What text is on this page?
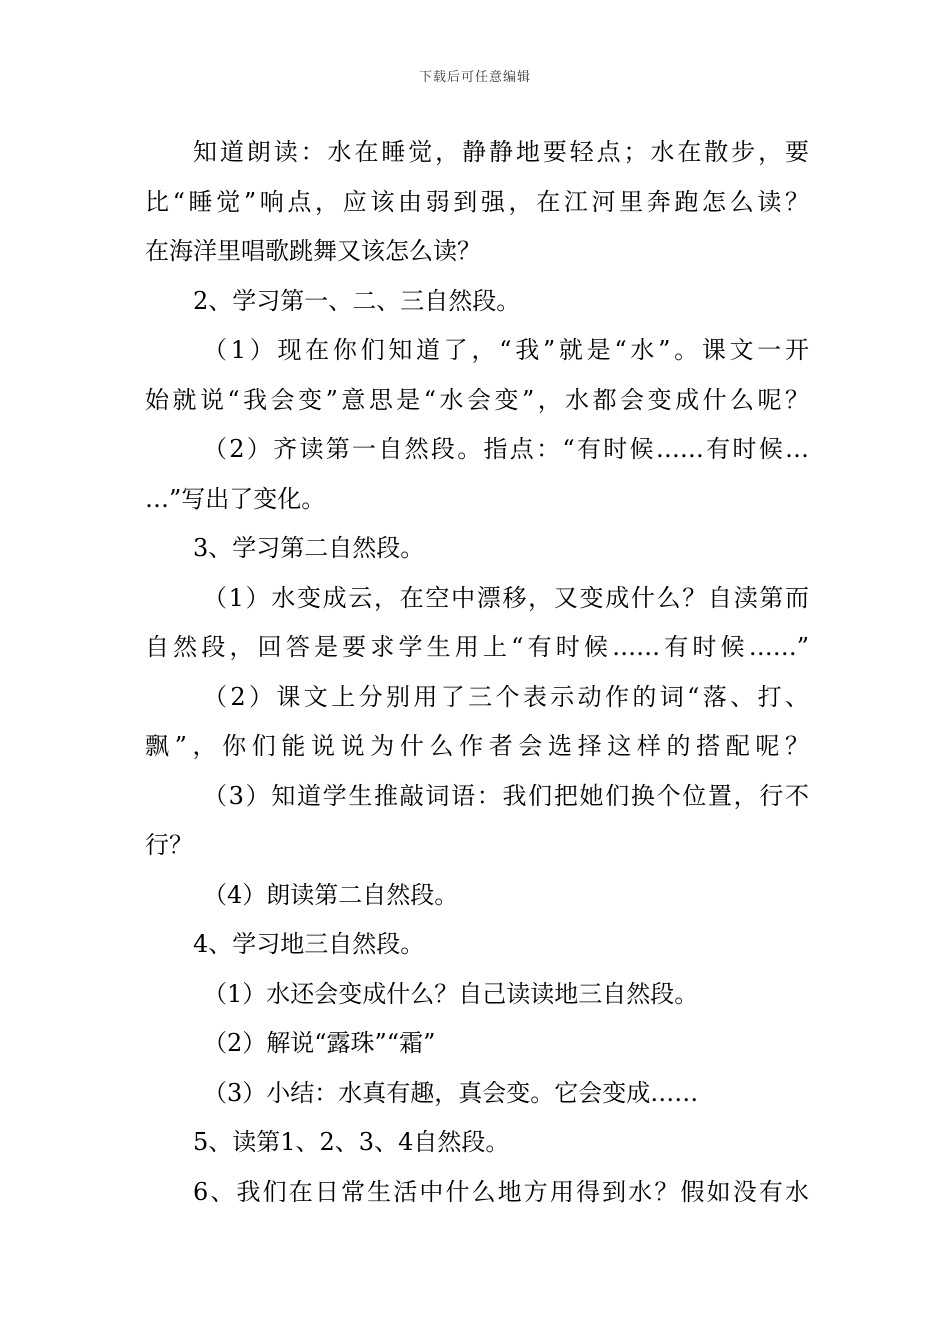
下载后可任意编辑
知道朗读：水在睡觉，静静地要轻点；水在散步，要
比“睡觉”响点，应该由弱到强，在江河里奔跑怎么读？
在海洋里唱歌跳舞又该怎么读？
2、学习第一、二、三自然段。
（1）现在你们知道了，“我”就是“水”。课文一开
始就说“我会变”意思是“水会变”，水都会变成什么呢？
（2）齐读第一自然段。指点：“有时候……有时候…
…”写出了变化。
3、学习第二自然段。
（1）水变成云，在空中漂移，又变成什么？自渎第而
自然段，回答是要求学生用上“有时候……有时候……”
（2）课文上分别用了三个表示动作的词“落、打、
飘”，你们能说说为什么作者会选择这样的搭配呢？
（3）知道学生推敲词语：我们把她们换个位置，行不
行？
（4）朗读第二自然段。
4、学习地三自然段。
（1）水还会变成什么？自己读读地三自然段。
（2）解说“露珠”“霜”
（3）小结：水真有趣，真会变。它会变成……
5、读第1、2、3、4自然段。
6、我们在日常生活中什么地方用得到水？假如没有水
